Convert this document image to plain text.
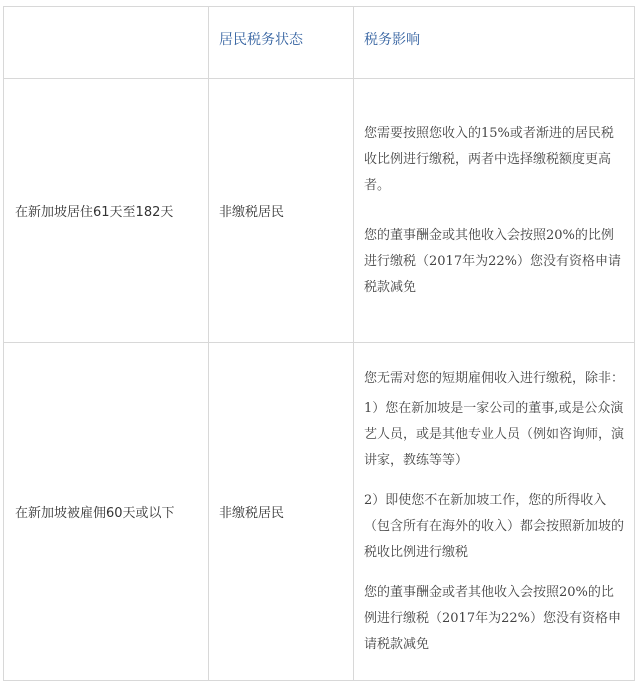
	居民税务状态	税务影响
在新加坡居住61天至182天	非缴税居民	您需要按照您收入的15%或者渐进的居民税收比例进行缴税，两者中选择缴税额度更高者。

您的董事酬金或其他收入会按照20%的比例进行缴税（2017年为22%）您没有资格申请税款减免

在新加坡被雇佣60天或以下	非缴税居民	您无需对您的短期雇佣收入进行缴税，除非：

1）您在新加坡是一家公司的董事,或是公众演艺人员，或是其他专业人员（例如咨询师，演讲家，教练等等）

2）即使您不在新加坡工作，您的所得收入（包含所有在海外的收入）都会按照新加坡的税收比例进行缴税

您的董事酬金或者其他收入会按照20%的比例进行缴税（2017年为22%）您没有资格申请税款减免
